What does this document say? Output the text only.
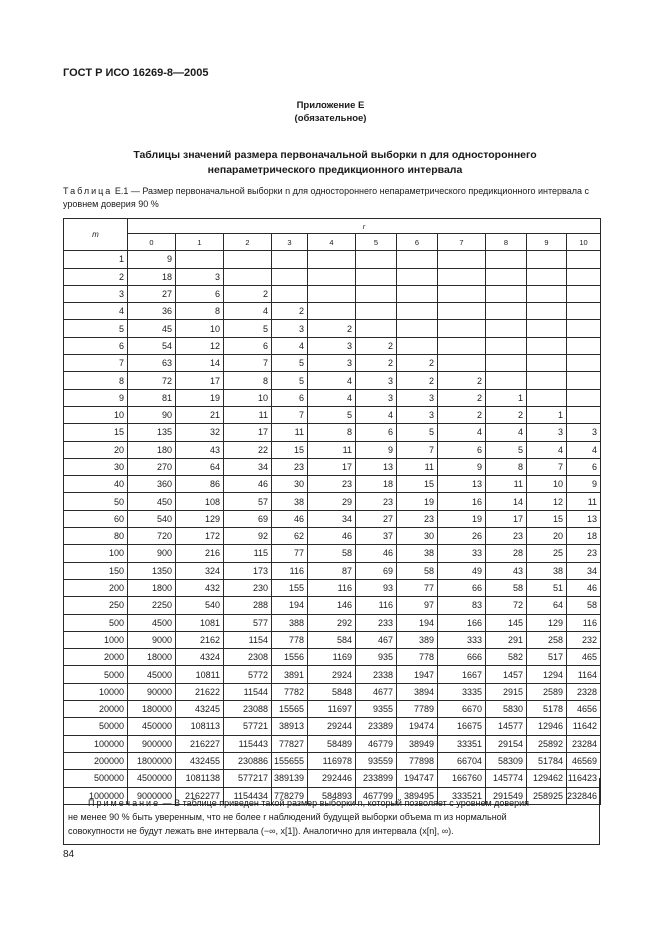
ГОСТ Р ИСО 16269-8—2005
Приложение Е
(обязательное)
Таблицы значений размера первоначальной выборки n для одностороннего непараметрического предикционного интервала
Таблица Е.1 — Размер первоначальной выборки n для одностороннего непараметрического предикционного интервала с уровнем доверия 90 %
m	r										
	0	1	2	3	4	5	6	7	8	9	10
1	9										
2	18	3									
3	27	6	2								
4	36	8	4	2							
5	45	10	5	3	2						
6	54	12	6	4	3	2					
7	63	14	7	5	3	2	2				
8	72	17	8	5	4	3	2	2			
9	81	19	10	6	4	3	3	2	1		
10	90	21	11	7	5	4	3	2	2	1	
15	135	32	17	11	8	6	5	4	4	3	3
20	180	43	22	15	11	9	7	6	5	4	4
30	270	64	34	23	17	13	11	9	8	7	6
40	360	86	46	30	23	18	15	13	11	10	9
50	450	108	57	38	29	23	19	16	14	12	11
60	540	129	69	46	34	27	23	19	17	15	13
80	720	172	92	62	46	37	30	26	23	20	18
100	900	216	115	77	58	46	38	33	28	25	23
150	1350	324	173	116	87	69	58	49	43	38	34
200	1800	432	230	155	116	93	77	66	58	51	46
250	2250	540	288	194	146	116	97	83	72	64	58
500	4500	1081	577	388	292	233	194	166	145	129	116
1000	9000	2162	1154	778	584	467	389	333	291	258	232
2000	18000	4324	2308	1556	1169	935	778	666	582	517	465
5000	45000	10811	5772	3891	2924	2338	1947	1667	1457	1294	1164
10000	90000	21622	11544	7782	5848	4677	3894	3335	2915	2589	2328
20000	180000	43245	23088	15565	11697	9355	7789	6670	5830	5178	4656
50000	450000	108113	57721	38913	29244	23389	19474	16675	14577	12946	11642
100000	900000	216227	115443	77827	58489	46779	38949	33351	29154	25892	23284
200000	1800000	432455	230886	155655	116978	93559	77898	66704	58309	51784	46569
500000	4500000	1081138	577217	389139	292446	233899	194747	166760	145774	129462	116423
1000000	9000000	2162277	1154434	778279	584893	467799	389495	333521	291549	258925	232846
Примечание — В таблице приведен такой размер выборки n, который позволяет с уровнем доверия
не менее 90 % быть уверенным, что не более r наблюдений будущей выборки объема m из нормальной
совокупности не будут лежать вне интервала (−∞, x[1]). Аналогично для интервала (x[n], ∞).
84
